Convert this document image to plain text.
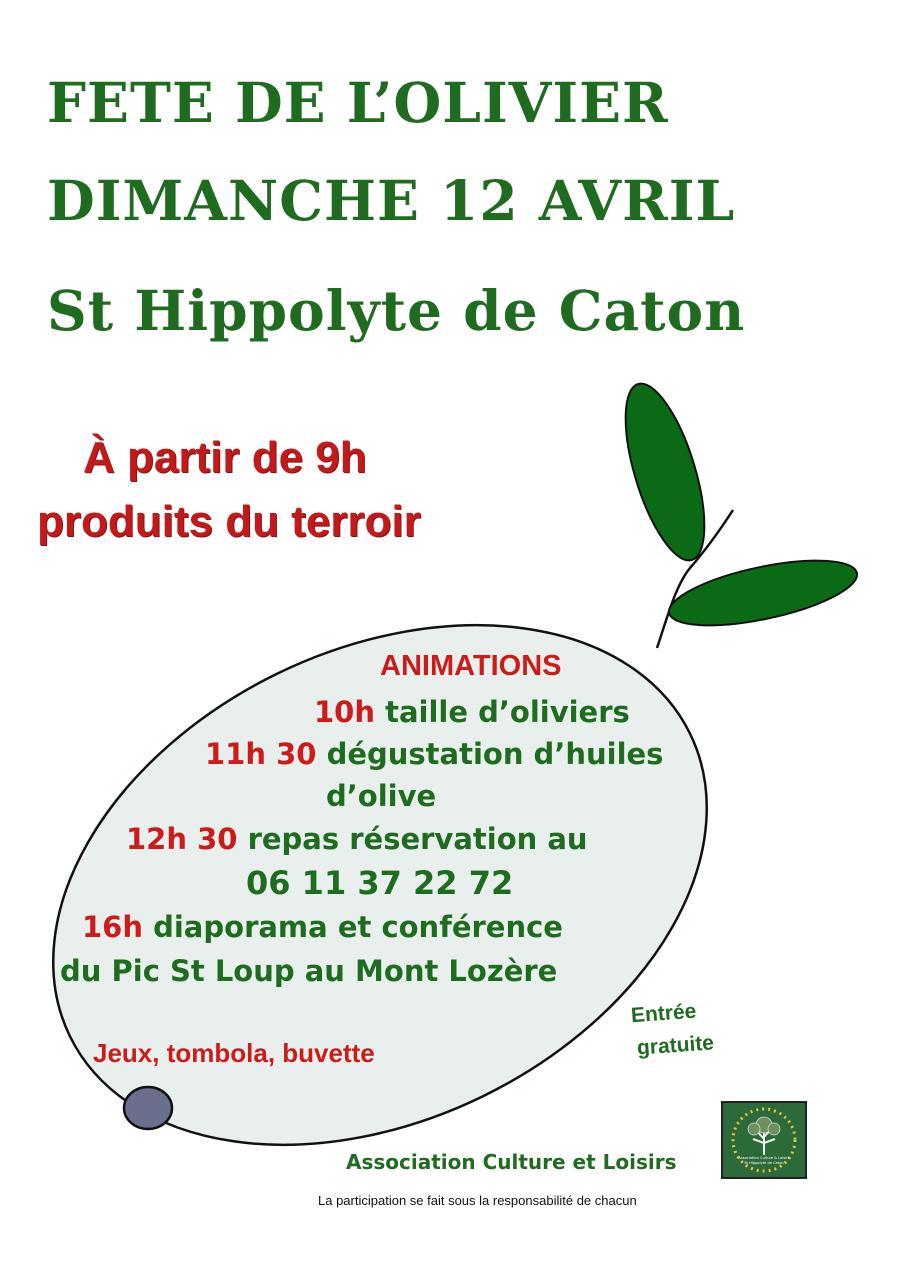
FETE DE L’OLIVIER
DIMANCHE 12 AVRIL
St Hippolyte de Caton
À partir de 9h
produits du terroir
ANIMATIONS
10h taille d’oliviers
11h 30 dégustation d’huiles
d’olive
12h 30 repas réservation au
06 11 37 22 72
16h diaporama et conférence
du Pic St Loup au Mont Lozère
Jeux, tombola, buvette
Entrée
gratuite
Association Culture & Loisirs
St Hippolyte de Caton
Association Culture et Loisirs
La participation se fait sous la responsabilité de chacun
